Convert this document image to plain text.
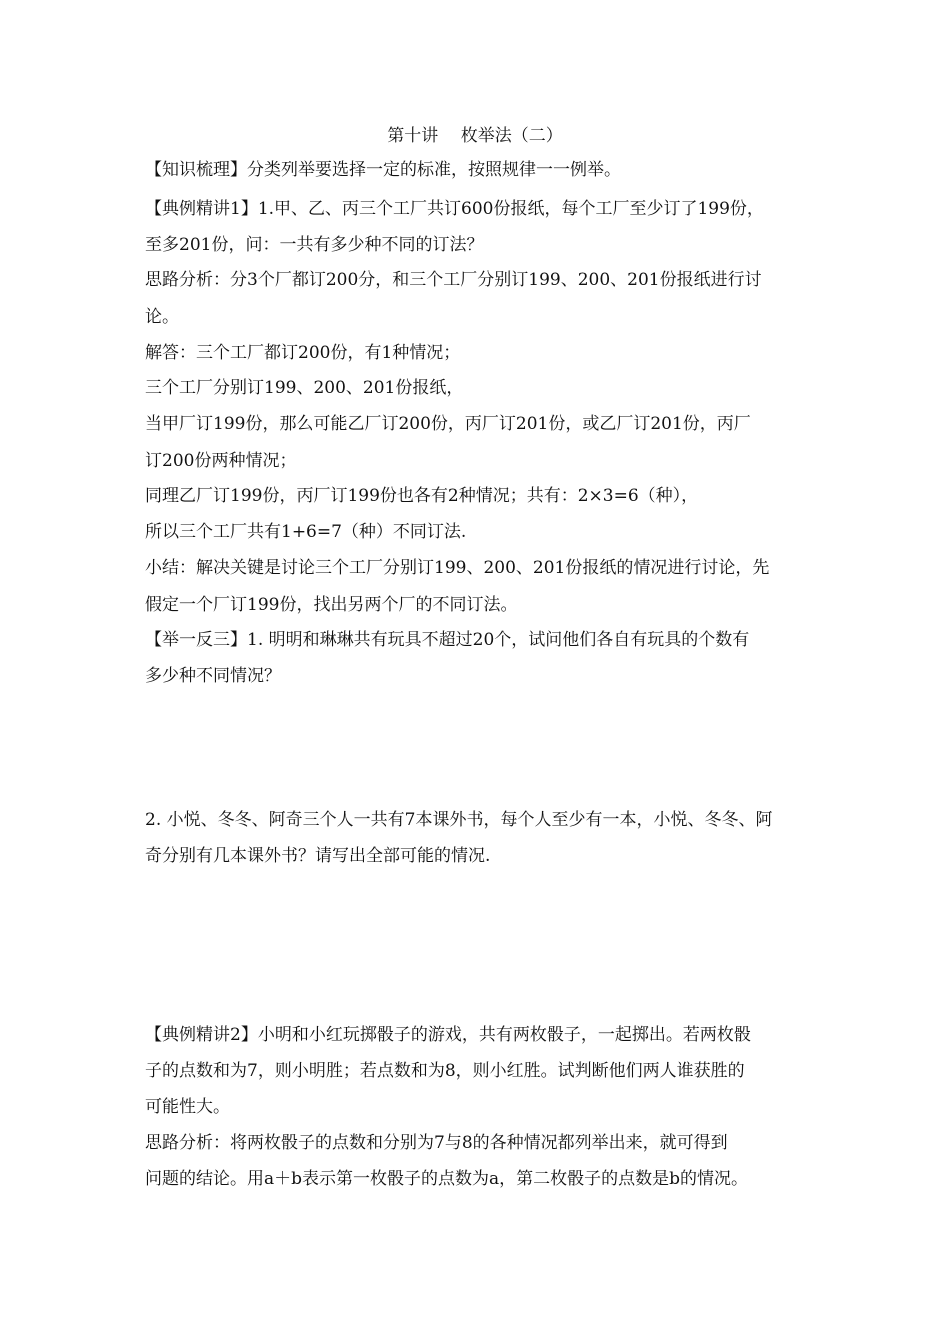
第十讲　 枚举法（二）
【知识梳理】分类列举要选择一定的标准，按照规律一一例举。
【典例精讲1】1.甲、乙、丙三个工厂共订600份报纸，每个工厂至少订了199份，
至多201份，问：一共有多少种不同的订法？
思路分析：分3个厂都订200分，和三个工厂分别订199、200、201份报纸进行讨
论。
解答：三个工厂都订200份，有1种情况；
三个工厂分别订199、200、201份报纸，
当甲厂订199份，那么可能乙厂订200份，丙厂订201份，或乙厂订201份，丙厂
订200份两种情况；
同理乙厂订199份，丙厂订199份也各有2种情况；共有：2×3=6（种），
所以三个工厂共有1+6=7（种）不同订法.
小结：解决关键是讨论三个工厂分别订199、200、201份报纸的情况进行讨论，先
假定一个厂订199份，找出另两个厂的不同订法。
【举一反三】1. 明明和琳琳共有玩具不超过20个，试问他们各自有玩具的个数有
多少种不同情况？
2. 小悦、冬冬、阿奇三个人一共有7本课外书，每个人至少有一本，小悦、冬冬、阿
奇分别有几本课外书？请写出全部可能的情况.
【典例精讲2】小明和小红玩掷骰子的游戏，共有两枚骰子，一起掷出。若两枚骰
子的点数和为7，则小明胜；若点数和为8，则小红胜。试判断他们两人谁获胜的
可能性大。
思路分析：将两枚骰子的点数和分别为7与8的各种情况都列举出来，就可得到
问题的结论。用a＋b表示第一枚骰子的点数为a，第二枚骰子的点数是b的情况。
